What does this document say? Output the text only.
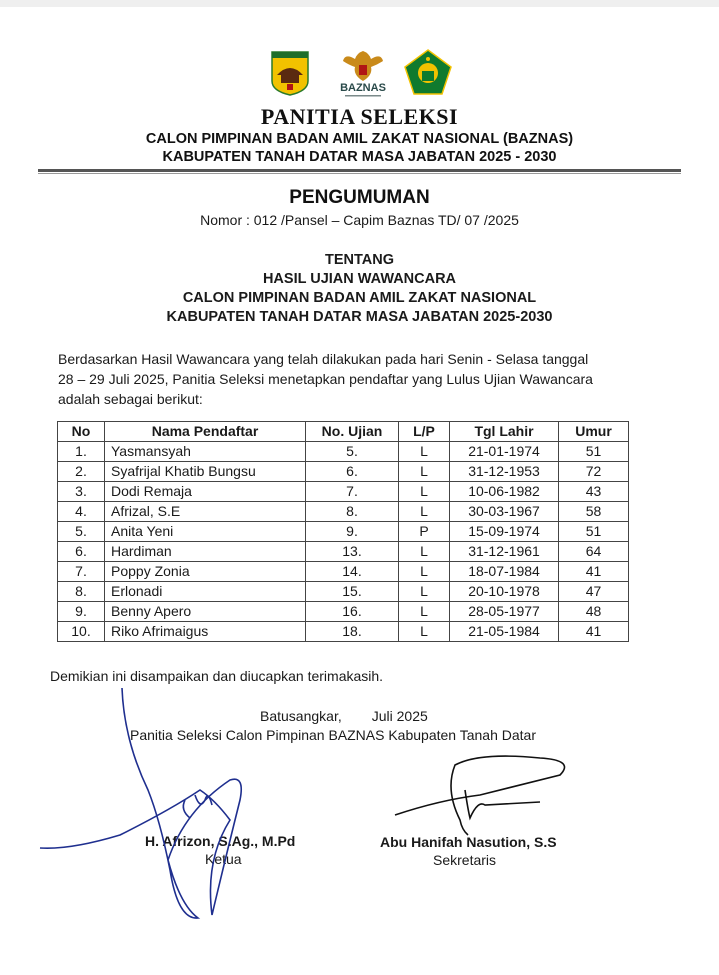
BAZNAS
PANITIA SELEKSI
CALON PIMPINAN BADAN AMIL ZAKAT NASIONAL (BAZNAS)
KABUPATEN TANAH DATAR MASA JABATAN 2025 - 2030
PENGUMUMAN
Nomor : 012 /Pansel – Capim Baznas TD/ 07 /2025
TENTANG
HASIL UJIAN WAWANCARA
CALON PIMPINAN BADAN AMIL ZAKAT NASIONAL
KABUPATEN TANAH DATAR MASA JABATAN 2025-2030
Berdasarkan Hasil Wawancara yang telah dilakukan pada hari Senin - Selasa tanggal
28 – 29 Juli 2025, Panitia Seleksi menetapkan pendaftar yang Lulus Ujian Wawancara
adalah sebagai berikut:
No	Nama Pendaftar	No. Ujian	L/P	Tgl Lahir	Umur
1.	Yasmansyah	5.	L	21-01-1974	51
2.	Syafrijal Khatib Bungsu	6.	L	31-12-1953	72
3.	Dodi Remaja	7.	L	10-06-1982	43
4.	Afrizal, S.E	8.	L	30-03-1967	58
5.	Anita Yeni	9.	P	15-09-1974	51
6.	Hardiman	13.	L	31-12-1961	64
7.	Poppy Zonia	14.	L	18-07-1984	41
8.	Erlonadi	15.	L	20-10-1978	47
9.	Benny Apero	16.	L	28-05-1977	48
10.	Riko Afrimaigus	18.	L	21-05-1984	41
Demikian ini disampaikan dan diucapkan terimakasih.
Batusangkar, Juli 2025
Panitia Seleksi Calon Pimpinan BAZNAS Kabupaten Tanah Datar
H. Afrizon, S.Ag., M.Pd
Ketua
Abu Hanifah Nasution, S.S
Sekretaris
